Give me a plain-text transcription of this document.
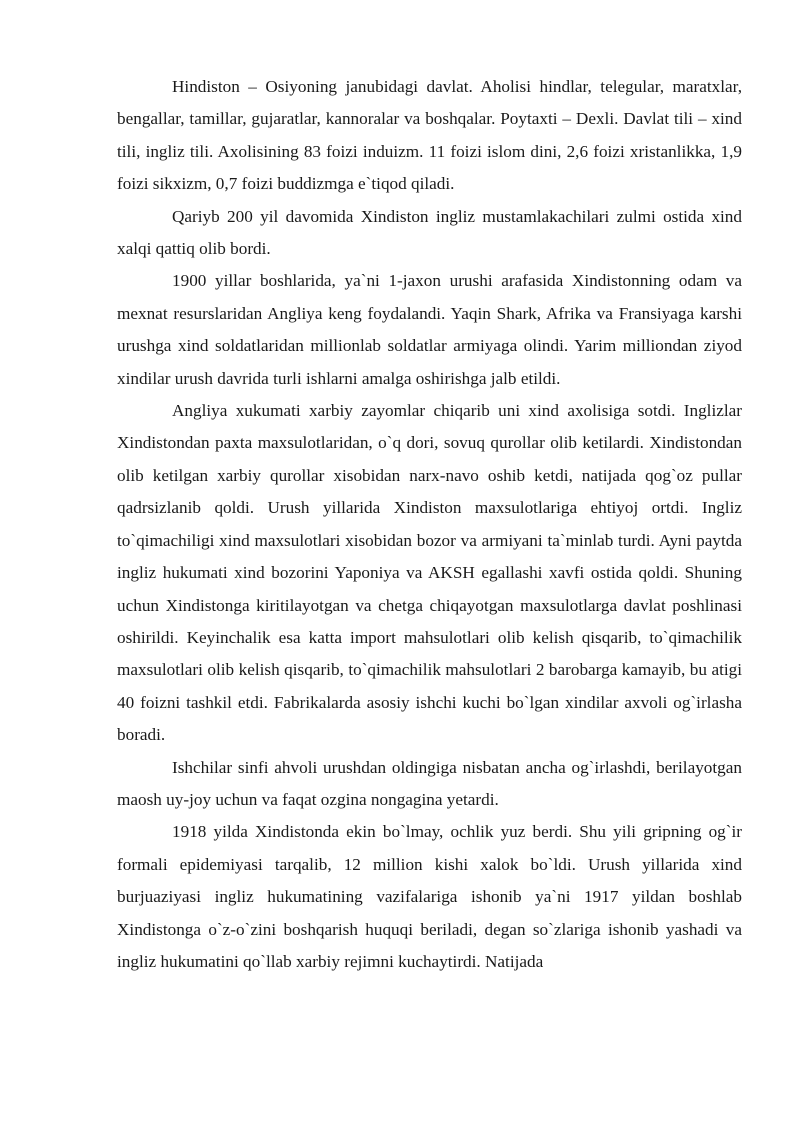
Hindiston – Osiyoning janubidagi davlat. Aholisi hindlar, telegular, maratxlar, bengallar, tamillar, gujaratlar, kannoralar va boshqalar. Poytaxti – Dexli. Davlat tili – xind tili, ingliz tili. Axolisining 83 foizi induizm. 11 foizi islom dini, 2,6 foizi xristanlikka, 1,9 foizi sikxizm, 0,7 foizi buddizmga e`tiqod qiladi.

Qariyb 200 yil davomida Xindiston ingliz mustamlakachilari zulmi ostida xind xalqi qattiq olib bordi.

1900 yillar boshlarida, ya`ni 1-jaxon urushi arafasida Xindistonning odam va mexnat resurslaridan Angliya keng foydalandi. Yaqin Shark, Afrika va Fransiyaga karshi urushga xind soldatlaridan millionlab soldatlar armiyaga olindi. Yarim milliondan ziyod xindilar urush davrida turli ishlarni amalga oshirishga jalb etildi.

Angliya xukumati xarbiy zayomlar chiqarib uni xind axolisiga sotdi. Inglizlar Xindistondan paxta maxsulotlaridan, o`q dori, sovuq qurollar olib ketilardi. Xindistondan olib ketilgan xarbiy qurollar xisobidan narx-navo oshib ketdi, natijada qog`oz pullar qadrsizlanib qoldi. Urush yillarida Xindiston maxsulotlariga ehtiyoj ortdi. Ingliz to`qimachiligi xind maxsulotlari xisobidan bozor va armiyani ta`minlab turdi. Ayni paytda ingliz hukumati xind bozorini Yaponiya va AKSH egallashi xavfi ostida qoldi. Shuning uchun Xindistonga kiritilayotgan va chetga chiqayotgan maxsulotlarga davlat poshlinasi oshirildi. Keyinchalik esa katta import mahsulotlari olib kelish qisqarib, to`qimachilik maxsulotlari olib kelish qisqarib, to`qimachilik mahsulotlari 2 barobarga kamayib, bu atigi 40 foizni tashkil etdi. Fabrikalarda asosiy ishchi kuchi bo`lgan xindilar axvoli og`irlasha boradi.

Ishchilar sinfi ahvoli urushdan oldingiga nisbatan ancha og`irlashdi, berilayotgan maosh uy-joy uchun va faqat ozgina nongagina yetardi.

1918 yilda Xindistonda ekin bo`lmay, ochlik yuz berdi. Shu yili gripning og`ir formali epidemiyasi tarqalib, 12 million kishi xalok bo`ldi. Urush yillarida xind burjuaziyasi ingliz hukumatining vazifalariga ishonib ya`ni 1917 yildan boshlab Xindistonga o`z-o`zini boshqarish huquqi beriladi, degan so`zlariga ishonib yashadi va ingliz hukumatini qo`llab xarbiy rejimni kuchaytirdi. Natijada
